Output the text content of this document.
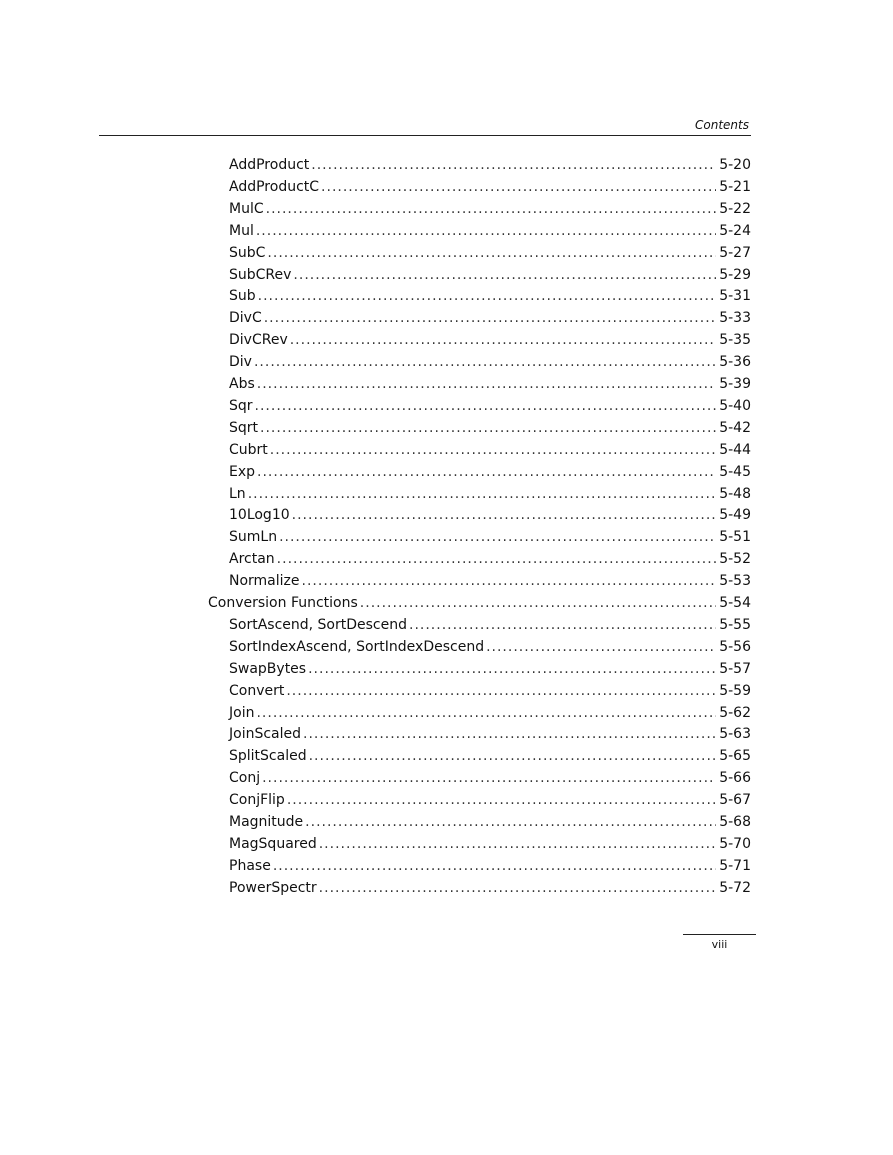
Contents
AddProduct .....	5-20
AddProductC .....	5-21
MulC .....	5-22
Mul .....	5-24
SubC .....	5-27
SubCRev .....	5-29
Sub .....	5-31
DivC .....	5-33
DivCRev .....	5-35
Div .....	5-36
Abs .....	5-39
Sqr .....	5-40
Sqrt .....	5-42
Cubrt .....	5-44
Exp .....	5-45
Ln .....	5-48
10Log10 .....	5-49
SumLn .....	5-51
Arctan .....	5-52
Normalize .....	5-53
Conversion Functions .....	5-54
SortAscend, SortDescend .....	5-55
SortIndexAscend, SortIndexDescend .....	5-56
SwapBytes .....	5-57
Convert .....	5-59
Join .....	5-62
JoinScaled .....	5-63
SplitScaled .....	5-65
Conj .....	5-66
ConjFlip .....	5-67
Magnitude .....	5-68
MagSquared .....	5-70
Phase .....	5-71
PowerSpectr .....	5-72
viii
